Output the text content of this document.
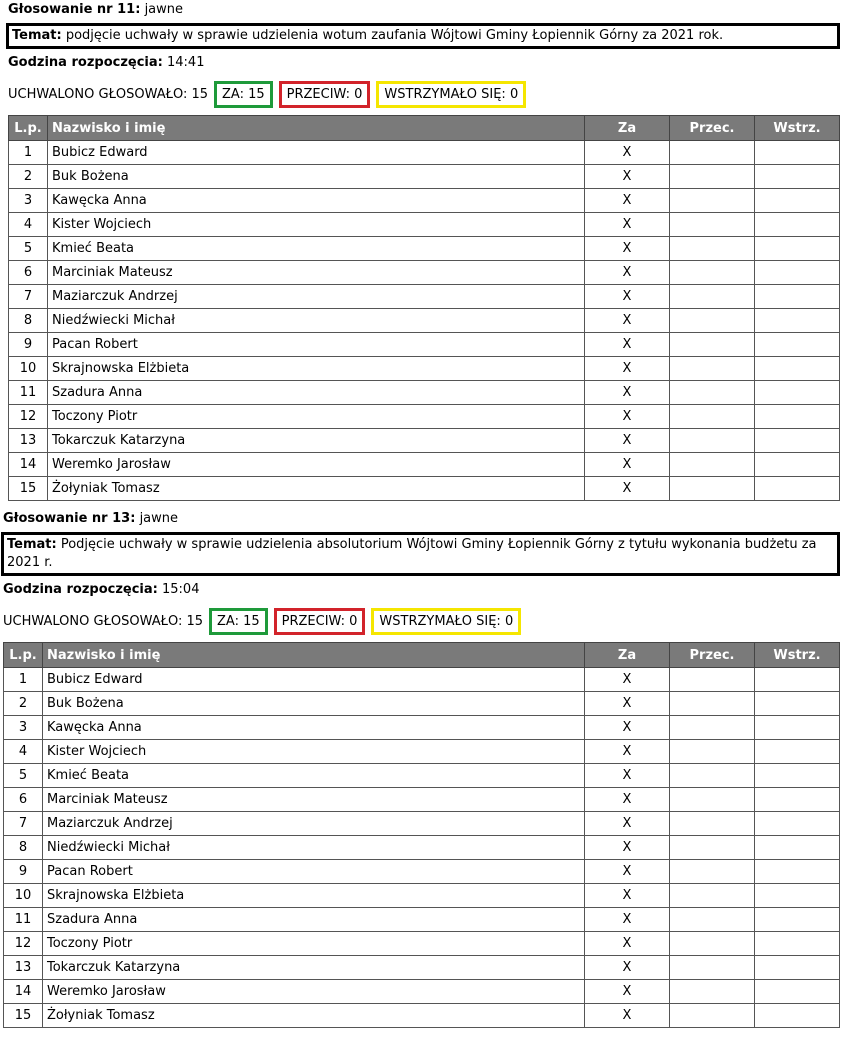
Głosowanie nr 11: jawne
Temat: podjęcie uchwały w sprawie udzielenia wotum zaufania Wójtowi Gminy Łopiennik Górny za 2021 rok.
Godzina rozpoczęcia: 14:41
UCHWALONO GŁOSOWAŁO: 15	ZA: 15	PRZECIW: 0	WSTRZYMAŁO SIĘ: 0
L.p.	Nazwisko i imię	Za	Przec.	Wstrz.
1	Bubicz Edward	X		
2	Buk Bożena	X		
3	Kawęcka Anna	X		
4	Kister Wojciech	X		
5	Kmieć Beata	X		
6	Marciniak Mateusz	X		
7	Maziarczuk Andrzej	X		
8	Niedźwiecki Michał	X		
9	Pacan Robert	X		
10	Skrajnowska Elżbieta	X		
11	Szadura Anna	X		
12	Toczony Piotr	X		
13	Tokarczuk Katarzyna	X		
14	Weremko Jarosław	X		
15	Żołyniak Tomasz	X		
Głosowanie nr 13: jawne
Temat: Podjęcie uchwały w sprawie udzielenia absolutorium Wójtowi Gminy Łopiennik Górny z tytułu wykonania budżetu za 2021 r.
Godzina rozpoczęcia: 15:04
UCHWALONO GŁOSOWAŁO: 15	ZA: 15	PRZECIW: 0	WSTRZYMAŁO SIĘ: 0
L.p.	Nazwisko i imię	Za	Przec.	Wstrz.
1	Bubicz Edward	X		
2	Buk Bożena	X		
3	Kawęcka Anna	X		
4	Kister Wojciech	X		
5	Kmieć Beata	X		
6	Marciniak Mateusz	X		
7	Maziarczuk Andrzej	X		
8	Niedźwiecki Michał	X		
9	Pacan Robert	X		
10	Skrajnowska Elżbieta	X		
11	Szadura Anna	X		
12	Toczony Piotr	X		
13	Tokarczuk Katarzyna	X		
14	Weremko Jarosław	X		
15	Żołyniak Tomasz	X		
